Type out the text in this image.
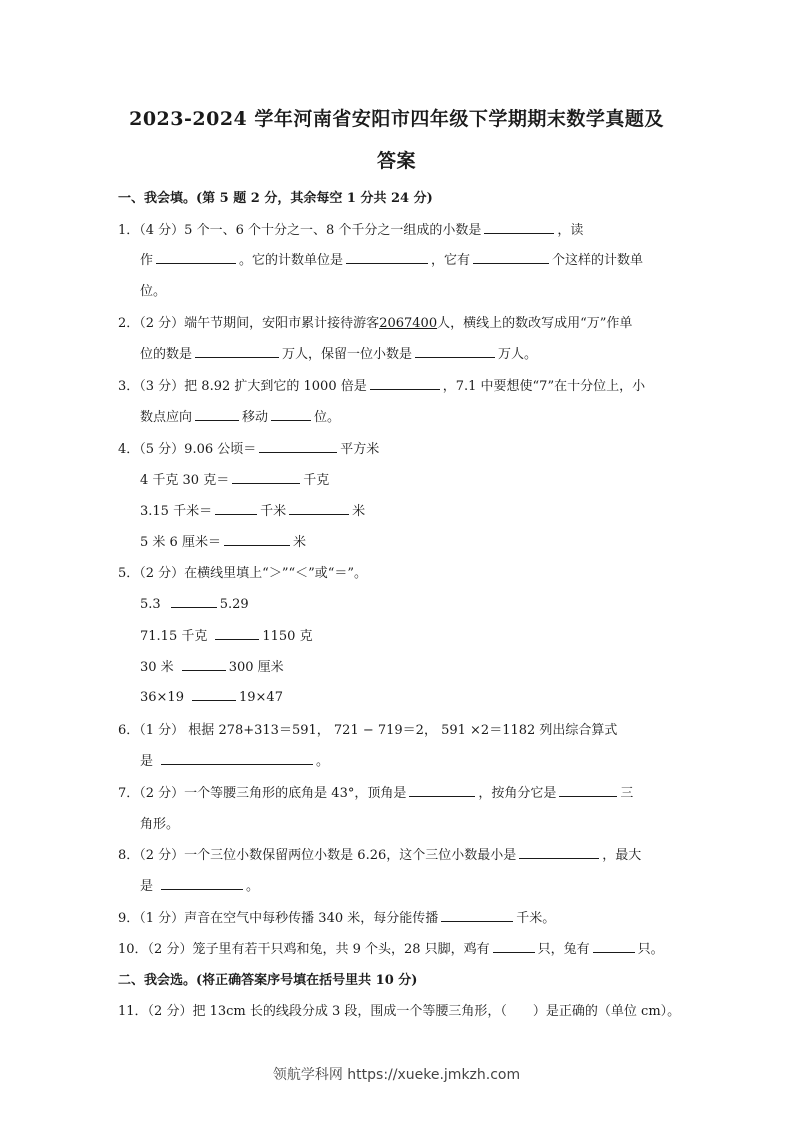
2023-2024 学年河南省安阳市四年级下学期期末数学真题及
答案
一、我会填。(第 5 题 2 分，其余每空 1 分共 24 分)
1．（4 分）5 个一、6 个十分之一、8 个千分之一组成的小数是	，读
作	。它的计数单位是	，它有	个这样的计数单
位。
2．（2 分）端午节期间，安阳市累计接待游客2067400人，横线上的数改写成用“万”作单
位的数是	万人，保留一位小数是	万人。
3．（3 分）把 8.92 扩大到它的 1000 倍是	，7.1 中要想使“7”在十分位上，小
数点应向	移动	位。
4．（5 分）9.06 公顷＝	平方米
4 千克 30 克＝	千克
3.15 千米＝	千米	米
5 米 6 厘米＝	米
5．（2 分）在横线里填上“＞”“＜”或“＝”。
5.3	5.29
71.15 千克	1150 克
30 米	300 厘米
36×19	19×47
6．（1 分） 根据 278+313＝591， 721 − 719＝2， 591 ×2＝1182 列出综合算式
是	。
7．（2 分）一个等腰三角形的底角是 43°，顶角是	，按角分它是	三
角形。
8．（2 分）一个三位小数保留两位小数是 6.26，这个三位小数最小是	，最大
是	。
9．（1 分）声音在空气中每秒传播 340 米，每分能传播	千米。
10．（2 分）笼子里有若干只鸡和兔，共 9 个头，28 只脚，鸡有	只，兔有	只。
二、我会选。(将正确答案序号填在括号里共 10 分)
11．（2 分）把 13cm 长的线段分成 3 段，围成一个等腰三角形，（ ）是正确的（单位 cm）。
领航学科网 https://xueke.jmkzh.com
